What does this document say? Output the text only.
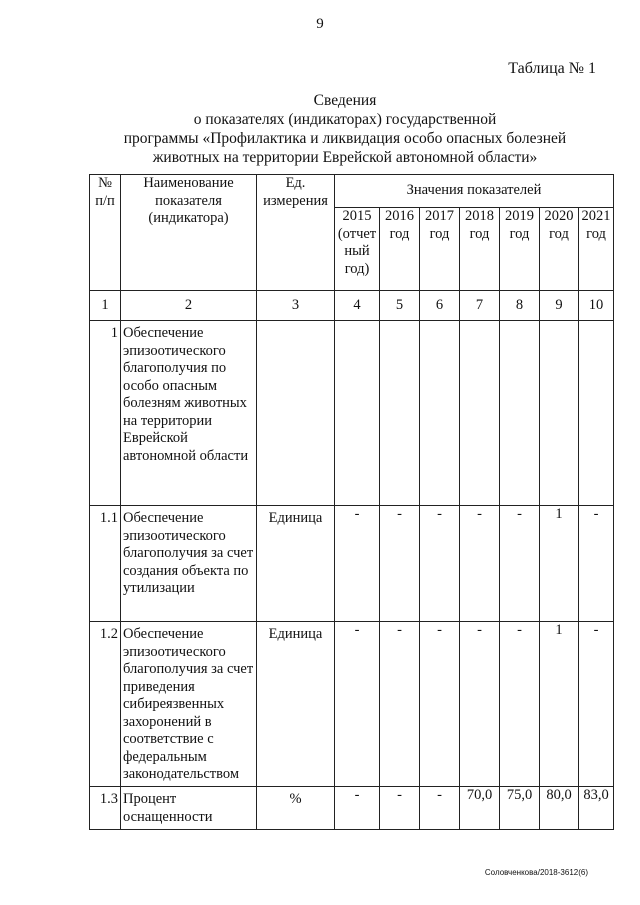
9
Таблица № 1
Сведения
о показателях (индикаторах) государственной
программы «Профилактика и ликвидация особо опасных болезней
животных на территории Еврейской автономной области»
№ п/п	Наименование показателя (индикатора)	Ед. измерения	Значения показателей						
			2015 (отчет ный год)	2016 год	2017 год	2018 год	2019 год	2020 год	2021 год
1	2	3	4	5	6	7	8	9	10
1	Обеспечение эпизоотического благополучия по особо опасным болезням животных на территории Еврейской автономной области								
1.1	Обеспечение эпизоотического благополучия за счет создания объекта по утилизации	Единица	-	-	-	-	-	1	-
1.2	Обеспечение эпизоотического благополучия за счет приведения сибиреязвенных захоронений в соответствие с федеральным законодательством	Единица	-	-	-	-	-	1	-
1.3	Процент оснащенности	%	-	-	-	70,0	75,0	80,0	83,0
Соловченкова/2018-3612(6)
